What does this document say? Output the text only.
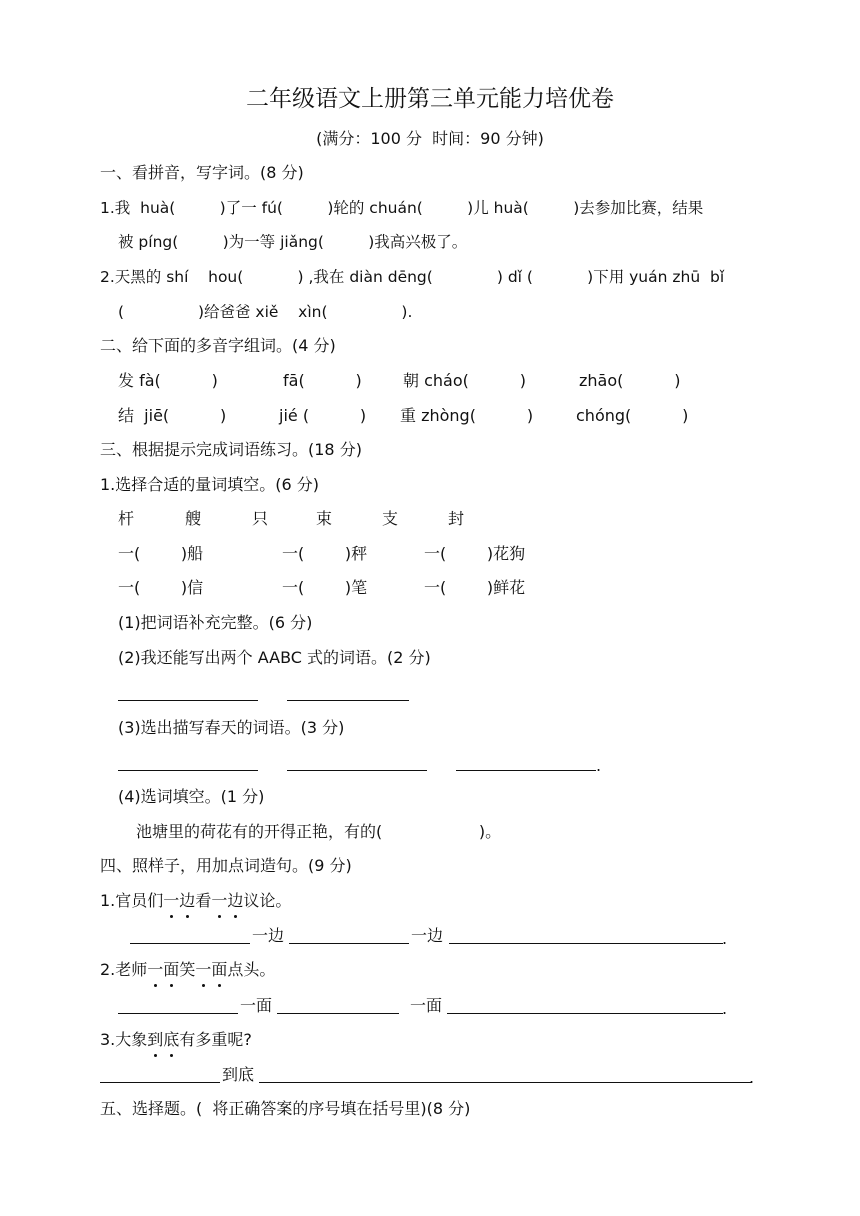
二年级语文上册第三单元能力培优卷
(满分：100 分  时间：90 分钟)
一、看拼音，写字词。(8 分)
1.我  huà(         )了一 fú(         )轮的 chuán(         )儿 huà(         )去参加比赛，结果
被 píng(         )为一等 jiǎng(         )我高兴极了。
2.天黑的 shí    hou(           ) ,我在 diàn dēng(             ) dǐ (           )下用 yuán zhū  bǐ
(               )给爸爸 xiě    xìn(               ).
二、给下面的多音字组词。(4 分)
发 fà(          )	fā(          )	朝 cháo(          )	zhāo(          )
结  jiē(          )	jié (          ) 重 zhòng(          )	chóng(          )
三、根据提示完成词语练习。(18 分)
1.选择合适的量词填空。(6 分)
杆	艘	只	束	支	封
一(        )船	一(        )秤	一(        )花狗
一(        )信	一(        )笔	一(        )鲜花
(1)把词语补充完整。(6 分)
(2)我还能写出两个 AABC 式的词语。(2 分)
(3)选出描写春天的词语。(3 分)
.
(4)选词填空。(1 分)
池塘里的荷花有的开得正艳，有的(                   )。
四、照样子，用加点词造句。(9 分)
1.官员们一边看一边议论。
一边	一边	.
2.老师一面笑一面点头。
一面	一面	.
3.大象到底有多重呢?
到底	.
五、选择题。(  将正确答案的序号填在括号里)(8 分)
